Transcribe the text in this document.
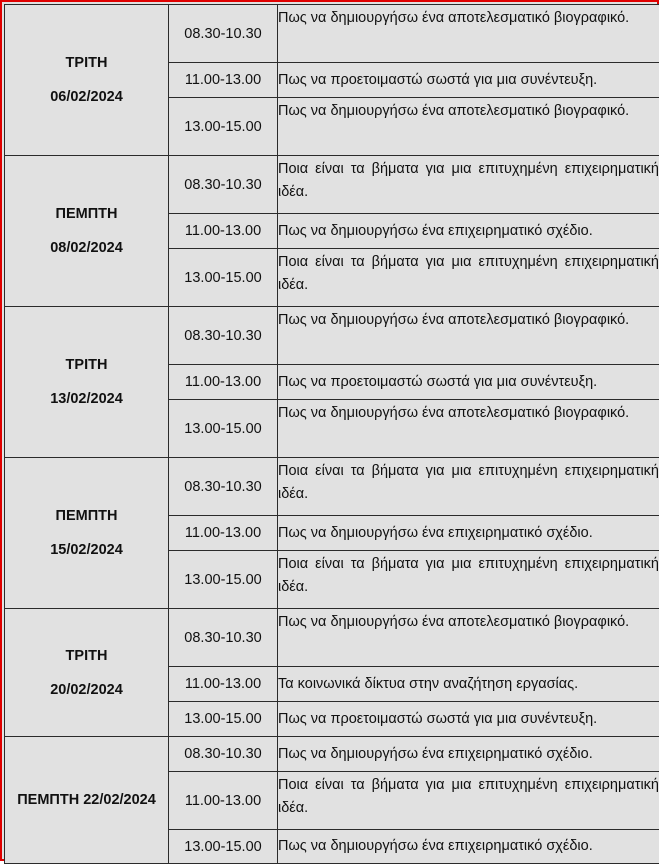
ΤΡΙΤΗ
06/02/2024	08.30-10.30	Πως να δημιουργήσω ένα αποτελεσματικό βιογραφικό.
	11.00-13.00	Πως να προετοιμαστώ σωστά για μια συνέντευξη.
	13.00-15.00	Πως να δημιουργήσω ένα αποτελεσματικό βιογραφικό.

ΠΕΜΠΤΗ
08/02/2024	08.30-10.30	Ποια είναι τα βήματα για μια επιτυχημένη επιχειρηματική ιδέα.
	11.00-13.00	Πως να δημιουργήσω ένα επιχειρηματικό σχέδιο.
	13.00-15.00	Ποια είναι τα βήματα για μια επιτυχημένη επιχειρηματική ιδέα.

ΤΡΙΤΗ
13/02/2024	08.30-10.30	Πως να δημιουργήσω ένα αποτελεσματικό βιογραφικό.
	11.00-13.00	Πως να προετοιμαστώ σωστά για μια συνέντευξη.
	13.00-15.00	Πως να δημιουργήσω ένα αποτελεσματικό βιογραφικό.

ΠΕΜΠΤΗ
15/02/2024	08.30-10.30	Ποια είναι τα βήματα για μια επιτυχημένη επιχειρηματική ιδέα.
	11.00-13.00	Πως να δημιουργήσω ένα επιχειρηματικό σχέδιο.
	13.00-15.00	Ποια είναι τα βήματα για μια επιτυχημένη επιχειρηματική ιδέα.

ΤΡΙΤΗ
20/02/2024	08.30-10.30	Πως να δημιουργήσω ένα αποτελεσματικό βιογραφικό.
	11.00-13.00	Τα κοινωνικά δίκτυα στην αναζήτηση εργασίας.
	13.00-15.00	Πως να προετοιμαστώ σωστά για μια συνέντευξη.

ΠΕΜΠΤΗ 22/02/2024	08.30-10.30	Πως να δημιουργήσω ένα επιχειρηματικό σχέδιο.
	11.00-13.00	Ποια είναι τα βήματα για μια επιτυχημένη επιχειρηματική ιδέα.
	13.00-15.00	Πως να δημιουργήσω ένα επιχειρηματικό σχέδιο.
